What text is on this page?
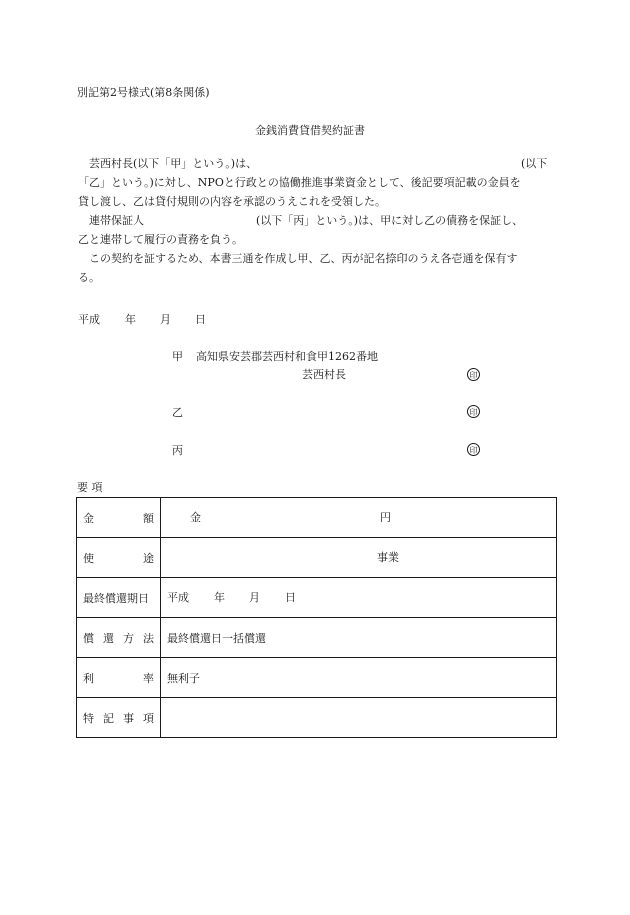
別記第2号様式(第8条関係)
金銭消費貸借契約証書
芸西村長(以下「甲」という。)は、	(以下
「乙」という。)に対し、NPOと行政との協働推進事業資金として、後記要項記載の金員を
貸し渡し、乙は貸付規則の内容を承認のうえこれを受領した。
連帯保証人	(以下「丙」という。)は、甲に対し乙の債務を保証し、
乙と連帯して履行の責務を負う。
この契約を証するため、本書三通を作成し甲、乙、丙が記名捺印のうえ各壱通を保有す
る。
平成 年 月 日
甲 高知県安芸郡芸西村和食甲1262番地
芸西村長	印
乙	印
丙	印
要 項
金 額	金 円

使 途	事業

最終償還期日	平成 年 月 日

償 還 方 法	最終償還日一括償還

利 率	無利子

特 記 事 項	
